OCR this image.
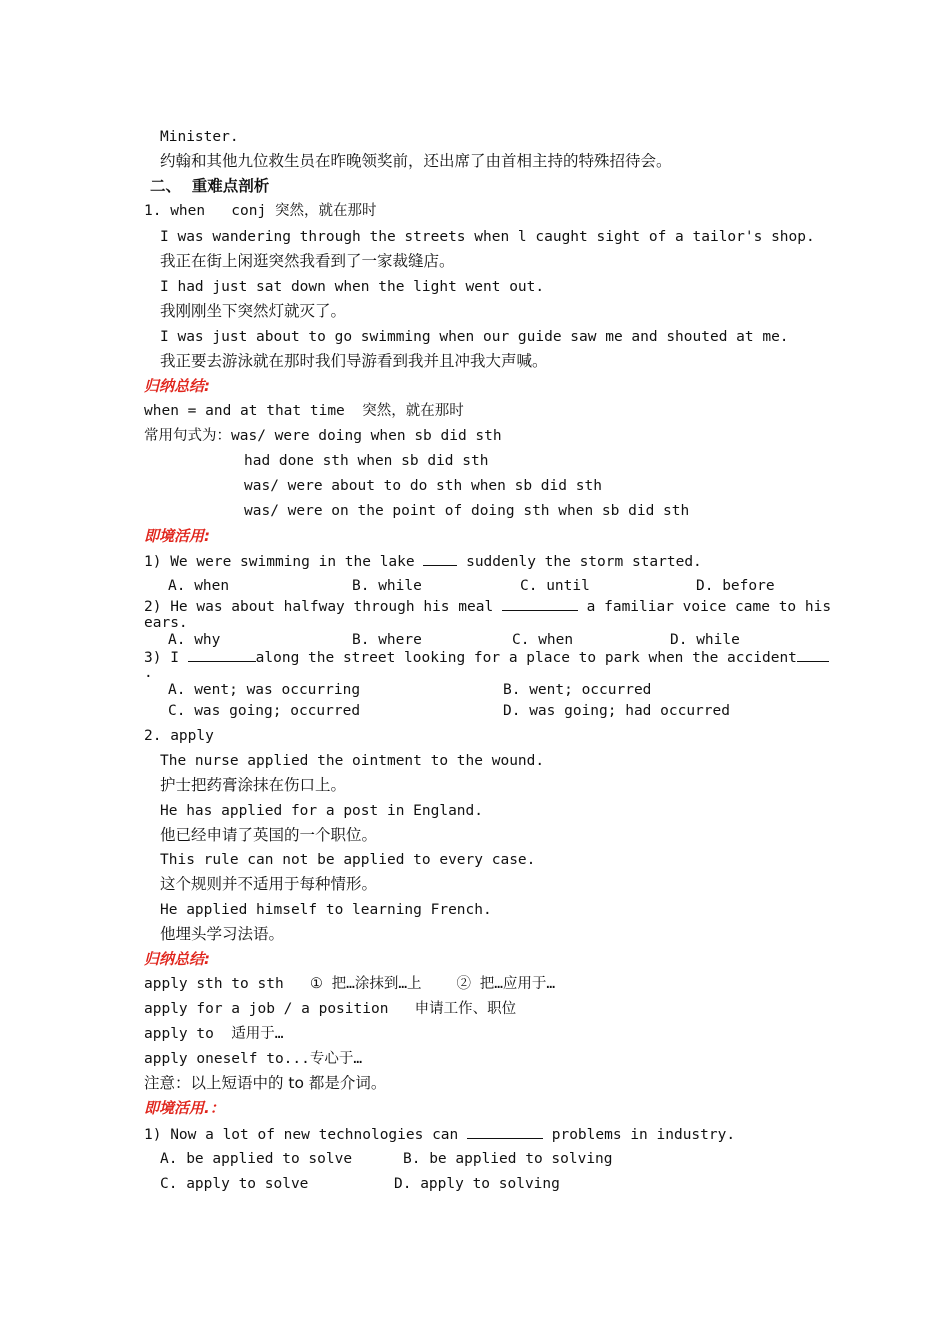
Minister.
约翰和其他九位救生员在昨晚领奖前，还出席了由首相主持的特殊招待会。
二、  重难点剖析
1. when   conj 突然，就在那时
I was wandering through the streets when l caught sight of a tailor's shop.
我正在街上闲逛突然我看到了一家裁缝店。
I had just sat down when the light went out.
我刚刚坐下突然灯就灭了。
I was just about to go swimming when our guide saw me and shouted at me.
我正要去游泳就在那时我们导游看到我并且冲我大声喊。
归纳总结:
when = and at that time  突然，就在那时
常用句式为：was/ were doing when sb did sth
had done sth when sb did sth
was/ were about to do sth when sb did sth
was/ were on the point of doing sth when sb did sth
即境活用:
1) We were swimming in the lake  suddenly the storm started.
A. when	B. while	C. until	D. before
2) He was about halfway through his meal	a familiar voice came to his
ears.
A. why	B. where	C. when	D. while
3) I	along the street looking for a place to park when the accident
.
A. went; was occurring	B. went; occurred
C. was going; occurred	D. was going; had occurred
2. apply
The nurse applied the ointment to the wound.
护士把药膏涂抹在伤口上。
He has applied for a post in England.
他已经申请了英国的一个职位。
This rule can not be applied to every case.
这个规则并不适用于每种情形。
He applied himself to learning French.
他埋头学习法语。
归纳总结:
apply sth to sth   ① 把…涂抹到…上    ② 把…应用于…
apply for a job / a position   申请工作、职位
apply to  适用于…
apply oneself to...专心于…
注意：以上短语中的 to 都是介词。
即境活用.：
1) Now a lot of new technologies can	problems in industry.
A. be applied to solve	B. be applied to solving
C. apply to solve	D. apply to solving
